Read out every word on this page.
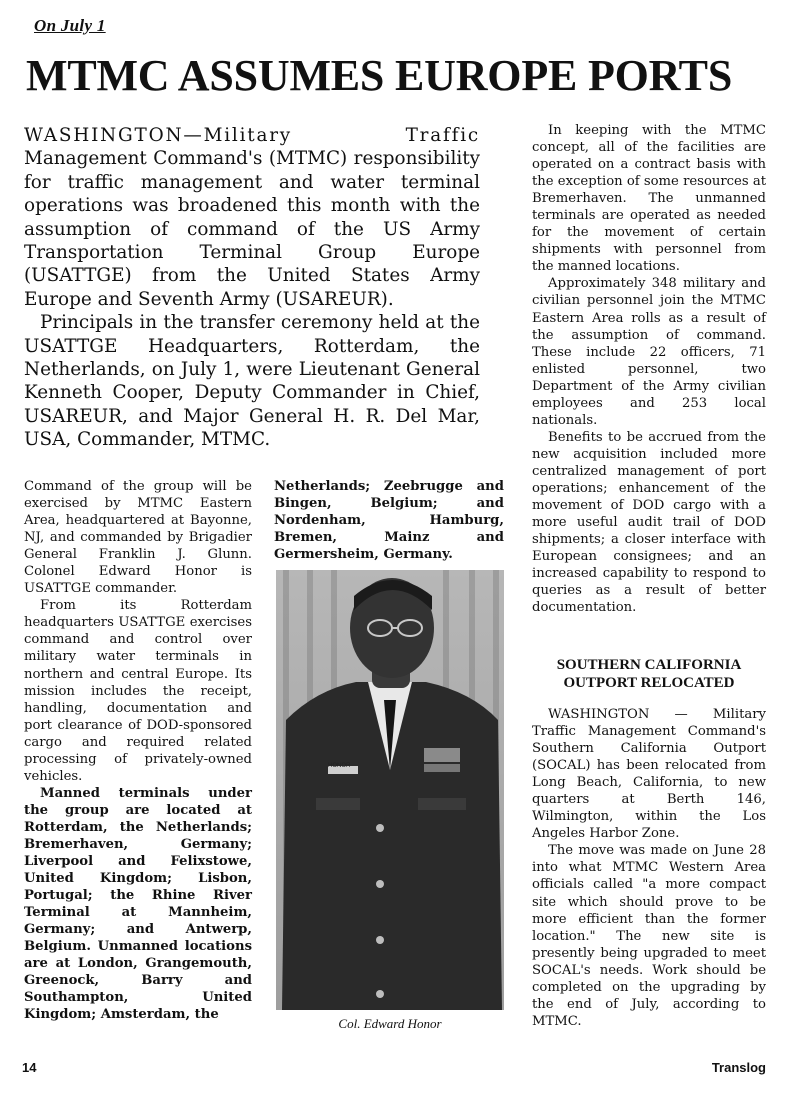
On July 1
MTMC ASSUMES EUROPE PORTS

WASHINGTON—Military Traffic Management Command's (MTMC) responsibility for traffic management and water terminal operations was broadened this month with the assumption of command of the US Army Transportation Terminal Group Europe (USATTGE) from the United States Army Europe and Seventh Army (USAREUR).

Principals in the transfer ceremony held at the USATTGE Headquarters, Rotterdam, the Netherlands, on July 1, were Lieutenant General Kenneth Cooper, Deputy Commander in Chief, USAREUR, and Major General H. R. Del Mar, USA, Commander, MTMC.

Command of the group will be exercised by MTMC Eastern Area, headquartered at Bayonne, NJ, and commanded by Brigadier General Franklin J. Glunn. Colonel Edward Honor is USATTGE commander.

From its Rotterdam headquarters USATTGE exercises command and control over military water terminals in northern and central Europe. Its mission includes the receipt, handling, documentation and port clearance of DOD-sponsored cargo and required related processing of privately-owned vehicles.

Manned terminals under the group are located at Rotterdam, the Netherlands; Bremerhaven, Germany; Liverpool and Felixstowe, United Kingdom; Lisbon, Portugal; the Rhine River Terminal at Mannheim, Germany; and Antwerp, Belgium. Unmanned locations are at London, Grangemouth, Greenock, Barry and Southampton, United Kingdom; Amsterdam, the

Netherlands; Zeebrugge and Bingen, Belgium; and Nordenham, Hamburg, Bremen, Mainz and Germersheim, Germany.

HONOR

Col. Edward Honor

In keeping with the MTMC concept, all of the facilities are operated on a contract basis with the exception of some resources at Bremerhaven. The unmanned terminals are operated as needed for the movement of certain shipments with personnel from the manned locations.

Approximately 348 military and civilian personnel join the MTMC Eastern Area rolls as a result of the assumption of command. These include 22 officers, 71 enlisted personnel, two Department of the Army civilian employees and 253 local nationals.

Benefits to be accrued from the new acquisition included more centralized management of port operations; enhancement of the movement of DOD cargo with a more useful audit trail of DOD shipments; a closer interface with European consignees; and an increased capability to respond to queries as a result of better documentation.

SOUTHERN CALIFORNIA OUTPORT RELOCATED

WASHINGTON — Military Traffic Management Command's Southern California Outport (SOCAL) has been relocated from Long Beach, California, to new quarters at Berth 146, Wilmington, within the Los Angeles Harbor Zone.

The move was made on June 28 into what MTMC Western Area officials called "a more compact site which should prove to be more efficient than the former location." The new site is presently being upgraded to meet SOCAL's needs. Work should be completed on the upgrading by the end of July, according to MTMC.

14	Translog
